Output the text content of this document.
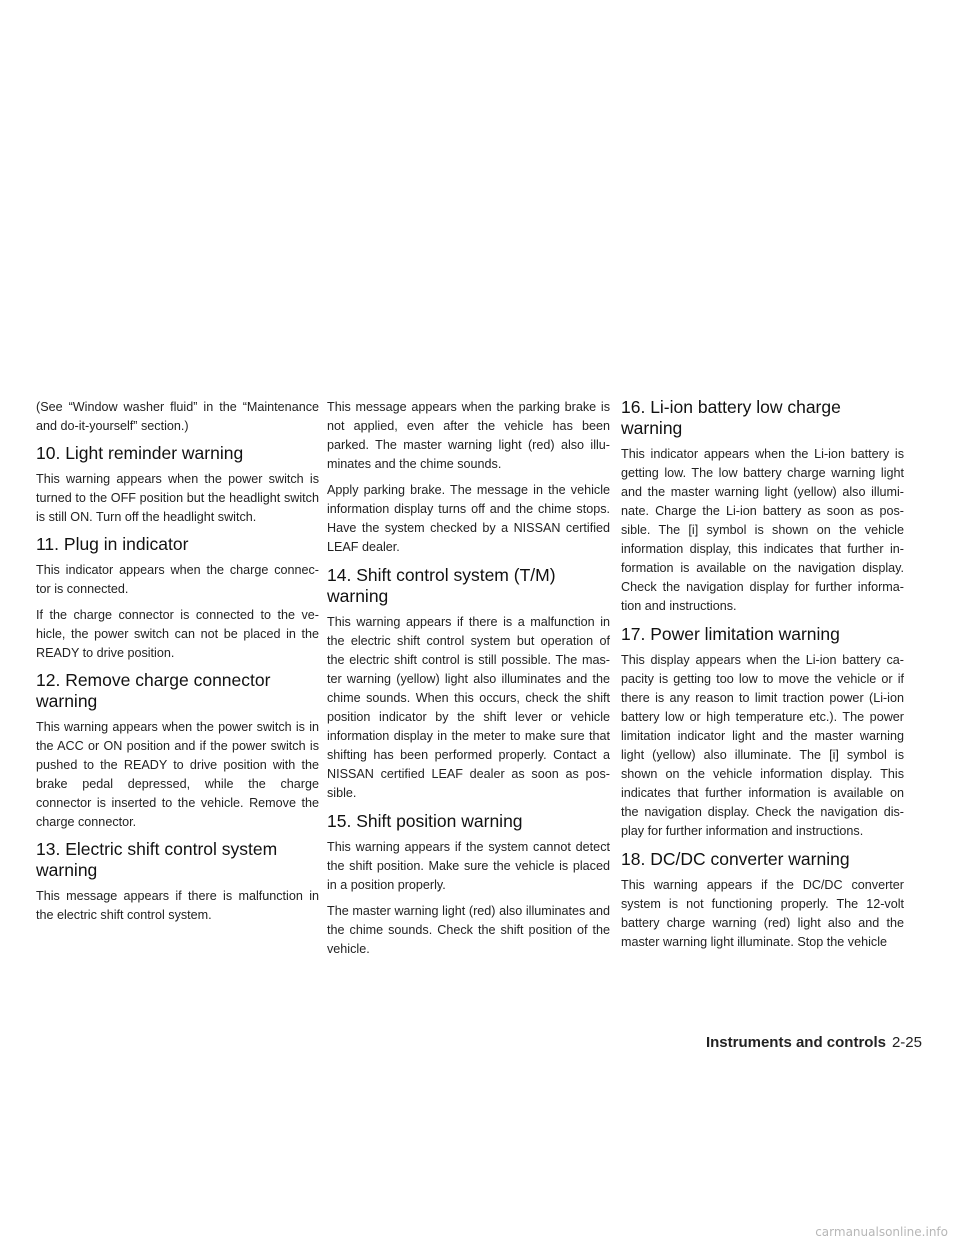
(See “Window washer fluid” in the “Maintenance and do-it-yourself” section.)

10. Light reminder warning

This warning appears when the power switch is turned to the OFF position but the headlight switch is still ON. Turn off the headlight switch.

11. Plug in indicator

This indicator appears when the charge connec-tor is connected.

If the charge connector is connected to the ve-hicle, the power switch can not be placed in the READY to drive position.

12. Remove charge connector warning

This warning appears when the power switch is in the ACC or ON position and if the power switch is pushed to the READY to drive position with the brake pedal depressed, while the charge connector is inserted to the vehicle. Remove the charge connector.

13. Electric shift control system warning

This message appears if there is malfunction in the electric shift control system.

This message appears when the parking brake is not applied, even after the vehicle has been parked. The master warning light (red) also illu-minates and the chime sounds.

Apply parking brake. The message in the vehicle information display turns off and the chime stops. Have the system checked by a NISSAN certified LEAF dealer.

14. Shift control system (T/M) warning

This warning appears if there is a malfunction in the electric shift control system but operation of the electric shift control is still possible. The mas-ter warning (yellow) light also illuminates and the chime sounds. When this occurs, check the shift position indicator by the shift lever or vehicle information display in the meter to make sure that shifting has been performed properly. Contact a NISSAN certified LEAF dealer as soon as pos-sible.

15. Shift position warning

This warning appears if the system cannot detect the shift position. Make sure the vehicle is placed in a position properly.

The master warning light (red) also illuminates and the chime sounds. Check the shift position of the vehicle.

16. Li-ion battery low charge warning

This indicator appears when the Li-ion battery is getting low. The low battery charge warning light and the master warning light (yellow) also illumi-nate. Charge the Li-ion battery as soon as pos-sible. The [i] symbol is shown on the vehicle information display, this indicates that further in-formation is available on the navigation display. Check the navigation display for further informa-tion and instructions.

17. Power limitation warning

This display appears when the Li-ion battery ca-pacity is getting too low to move the vehicle or if there is any reason to limit traction power (Li-ion battery low or high temperature etc.). The power limitation indicator light and the master warning light (yellow) also illuminate. The [i] symbol is shown on the vehicle information display. This indicates that further information is available on the navigation display. Check the navigation dis-play for further information and instructions.

18. DC/DC converter warning

This warning appears if the DC/DC converter system is not functioning properly. The 12-volt battery charge warning (red) light also and the master warning light illuminate. Stop the vehicle

Instruments and controls 2-25
carmanualsonline.info
